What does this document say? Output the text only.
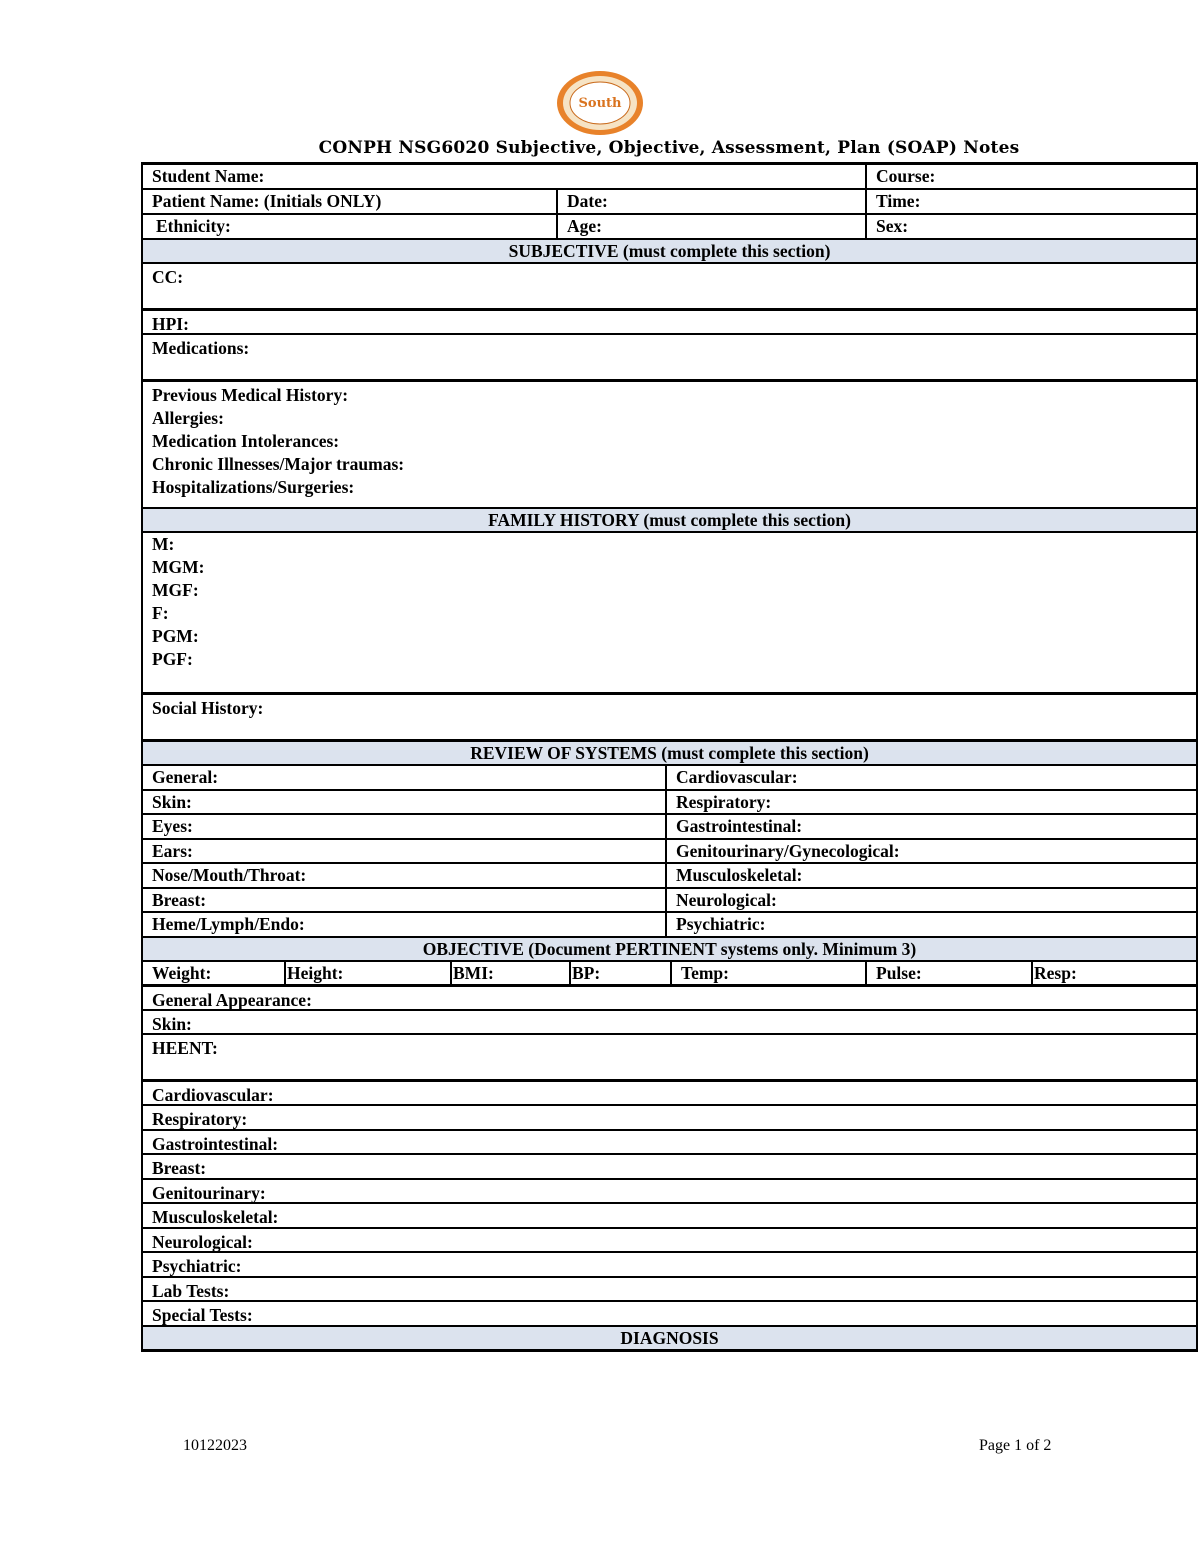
South
CONPH NSG6020 Subjective, Objective, Assessment, Plan (SOAP) Notes
Student Name:	Course:
Patient Name: (Initials ONLY)	Date:	Time:
Ethnicity:	Age:	Sex:
SUBJECTIVE (must complete this section)
CC:
HPI:
Medications:
Previous Medical History:
Allergies:
Medication Intolerances:
Chronic Illnesses/Major traumas:
Hospitalizations/Surgeries:
FAMILY HISTORY (must complete this section)
M:
MGM:
MGF:
F:
PGM:
PGF:
Social History:
REVIEW OF SYSTEMS (must complete this section)
General:	Cardiovascular:
Skin:	Respiratory:
Eyes:	Gastrointestinal:
Ears:	Genitourinary/Gynecological:
Nose/Mouth/Throat:	Musculoskeletal:
Breast:	Neurological:
Heme/Lymph/Endo:	Psychiatric:
OBJECTIVE (Document PERTINENT systems only. Minimum 3)
Weight:	Height:	BMI:	BP:	Temp:	Pulse:	Resp:
General Appearance:
Skin:
HEENT:
Cardiovascular:
Respiratory:
Gastrointestinal:
Breast:
Genitourinary:
Musculoskeletal:
Neurological:
Psychiatric:
Lab Tests:
Special Tests:
DIAGNOSIS
10122023	Page 1 of 2
